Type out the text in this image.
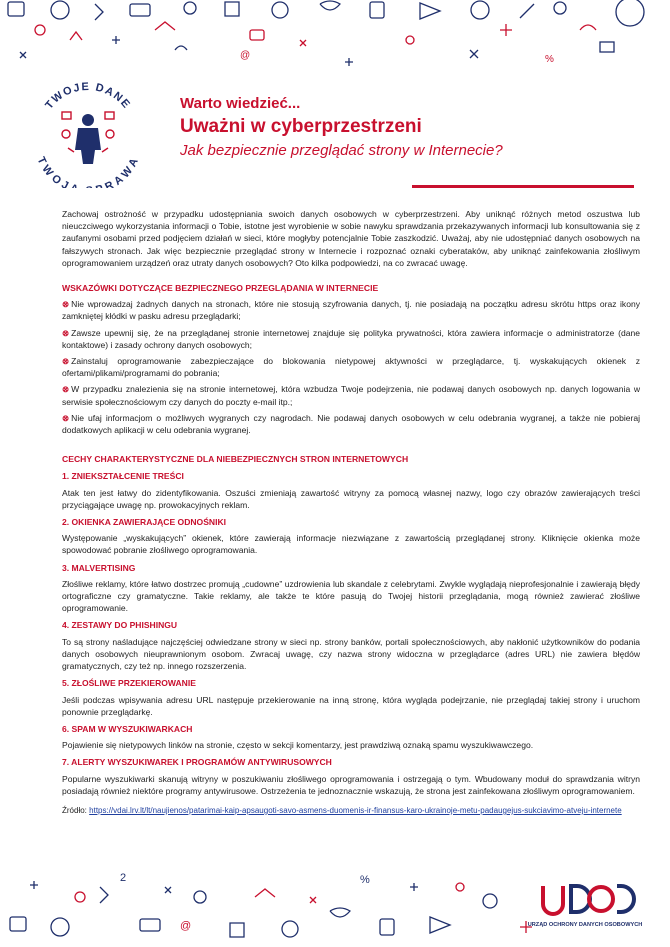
@	%
TWOJE DANE
TWOJ RAWA

Warto wiedzieć...

Uważni w cyberprzestrzeni

Jak bezpiecznie przeglądać strony w Internecie?

Zachowaj ostrożność w przypadku udostępniania swoich danych osobowych w cyberprzestrzeni. Aby uniknąć różnych metod oszustwa lub nieuczciwego wykorzystania informacji o Tobie, istotne jest wyrobienie w sobie nawyku sprawdzania przekazywanych informacji lub konsultowania się z zaufanymi osobami przed podjęciem działań w sieci, które mogłyby potencjalnie Tobie zaszkodzić. Uważaj, aby nie udostępniać danych osobowych na fałszywych stronach. Jak więc bezpiecznie przeglądać strony w Internecie i rozpoznać oznaki cyberataków, aby uniknąć zainfekowania złośliwym oprogramowaniem urządzeń oraz utraty danych osobowych? Oto kilka podpowiedzi, na co zwracać uwagę.

WSKAZÓWKI DOTYCZĄCE BEZPIECZNEGO PRZEGLĄDANIA W INTERNECIE

⊗ Nie wprowadzaj żadnych danych na stronach, które nie stosują szyfrowania danych, tj. nie posiadają na początku adresu skrótu https oraz ikony zamkniętej kłódki w pasku adresu przeglądarki;

⊗ Zawsze upewnij się, że na przeglądanej stronie internetowej znajduje się polityka prywatności, która zawiera informacje o administratorze (dane kontaktowe) i zasady ochrony danych osobowych;

⊗ Zainstaluj oprogramowanie zabezpieczające do blokowania nietypowej aktywności w przeglądarce, tj. wyskakujących okienek z ofertami/plikami/programami do pobrania;

⊗ W przypadku znalezienia się na stronie internetowej, która wzbudza Twoje podejrzenia, nie podawaj danych osobowych np. danych logowania w serwisie społecznościowym czy danych do poczty e-mail itp.;

⊗ Nie ufaj informacjom o możliwych wygranych czy nagrodach. Nie podawaj danych osobowych w celu odebrania wygranej, a także nie pobieraj dodatkowych aplikacji w celu odebrania wygranej.

CECHY CHARAKTERYSTYCZNE DLA NIEBEZPIECZNYCH STRON INTERNETOWYCH

1. ZNIEKSZTAŁCENIE TREŚCI

Atak ten jest łatwy do zidentyfikowania. Oszuści zmieniają zawartość witryny za pomocą własnej nazwy, logo czy obrazów zawierających treści przyciągające uwagę np. prowokacyjnych reklam.

2. OKIENKA ZAWIERAJĄCE ODNOŚNIKI

Występowanie „wyskakujących” okienek, które zawierają informacje niezwiązane z zawartością przeglądanej strony. Kliknięcie okienka może spowodować pobranie złośliwego oprogramowania.

3. MALVERTISING

Złośliwe reklamy, które łatwo dostrzec promują „cudowne” uzdrowienia lub skandale z celebrytami. Zwykle wyglądają nieprofesjonalnie i zawierają błędy ortograficzne czy gramatyczne. Takie reklamy, ale także te które pasują do Twojej historii przeglądania, mogą również zawierać złośliwe oprogramowanie.

4. ZESTAWY DO PHISHINGU

To są strony naśladujące najczęściej odwiedzane strony w sieci np. strony banków, portali społecznościowych, aby nakłonić użytkowników do podania danych osobowych nieuprawnionym osobom. Zwracaj uwagę, czy nazwa strony widoczna w przeglądarce (adres URL) nie zawiera błędów gramatycznych, czy też np. innego rozszerzenia.

5. ZŁOŚLIWE PRZEKIEROWANIE

Jeśli podczas wpisywania adresu URL następuje przekierowanie na inną stronę, która wygląda podejrzanie, nie przeglądaj takiej strony i uruchom ponownie przeglądarkę.

6. SPAM W WYSZUKIWARKACH

Pojawienie się nietypowych linków na stronie, często w sekcji komentarzy, jest prawdziwą oznaką spamu wyszukiwawczego.

7. ALERTY WYSZUKIWAREK I PROGRAMÓW ANTYWIRUSOWYCH

Popularne wyszukiwarki skanują witryny w poszukiwaniu złośliwego oprogramowania i ostrzegają o tym. Wbudowany moduł do sprawdzania witryn posiadają również niektóre programy antywirusowe. Ostrzeżenia te jednoznacznie wskazują, że strona jest zainfekowana złośliwym oprogramowaniem.

Źródło: https://vdai.lrv.lt/lt/naujienos/patarimai-kaip-apsaugoti-savo-asmens-duomenis-ir-finansus-karo-ukrainoje-metu-padaugejus-sukciavimo-atveju-internete

2	%
@	URZĄD OCHRONY DANYCH OSOBOWYCH
